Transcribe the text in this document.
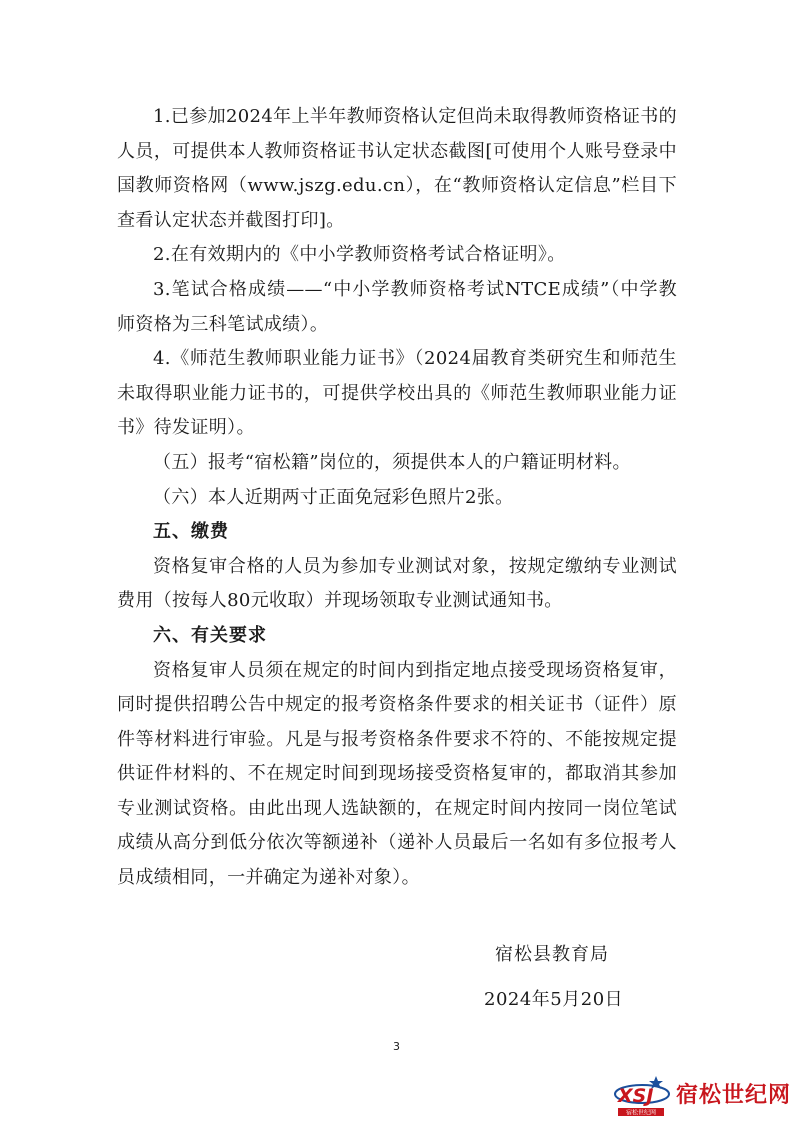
1.已参加2024年上半年教师资格认定但尚未取得教师资格证书的人员，可提供本人教师资格证书认定状态截图[可使用个人账号登录中国教师资格网（www.jszg.edu.cn），在“教师资格认定信息”栏目下查看认定状态并截图打印]。

2.在有效期内的《中小学教师资格考试合格证明》。

3.笔试合格成绩——“中小学教师资格考试NTCE成绩”（中学教师资格为三科笔试成绩）。

4.《师范生教师职业能力证书》（2024届教育类研究生和师范生未取得职业能力证书的，可提供学校出具的《师范生教师职业能力证书》待发证明）。

（五）报考“宿松籍”岗位的，须提供本人的户籍证明材料。

（六）本人近期两寸正面免冠彩色照片2张。

五、缴费

资格复审合格的人员为参加专业测试对象，按规定缴纳专业测试费用（按每人80元收取）并现场领取专业测试通知书。

六、有关要求

资格复审人员须在规定的时间内到指定地点接受现场资格复审，同时提供招聘公告中规定的报考资格条件要求的相关证书（证件）原件等材料进行审验。凡是与报考资格条件要求不符的、不能按规定提供证件材料的、不在规定时间到现场接受资格复审的，都取消其参加专业测试资格。由此出现人选缺额的，在规定时间内按同一岗位笔试成绩从高分到低分依次等额递补（递补人员最后一名如有多位报考人员成绩相同，一并确定为递补对象）。

宿松县教育局
2024年5月20日
3
XSJ
宿松世纪网
宿松世纪网
